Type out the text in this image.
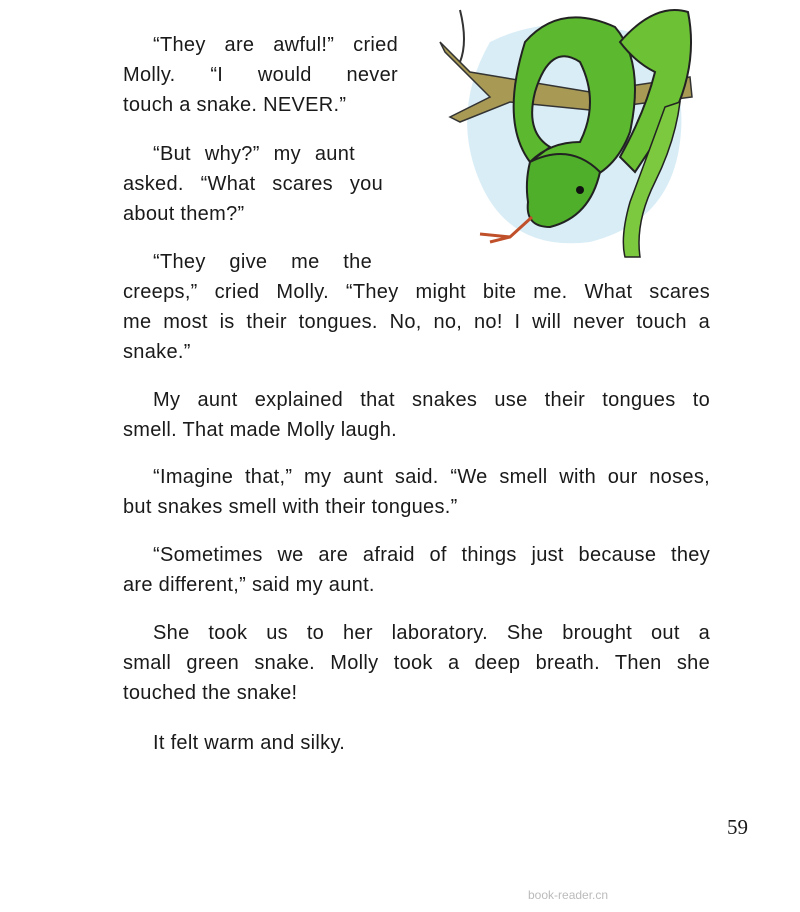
“They are awful!” cried
Molly. “I would never
touch a snake. NEVER.”
“But why?” my aunt
asked. “What scares you
about them?”
“They give me the
creeps,” cried Molly. “They might bite me. What scares
me most is their tongues. No, no, no! I will never touch a
snake.”
My aunt explained that snakes use their tongues to
smell. That made Molly laugh.
“Imagine that,” my aunt said. “We smell with our noses,
but snakes smell with their tongues.”
“Sometimes we are afraid of things just because they
are different,” said my aunt.
She took us to her laboratory. She brought out a
small green snake. Molly took a deep breath. Then she
touched the snake!
It felt warm and silky.
59
book-reader.cn
